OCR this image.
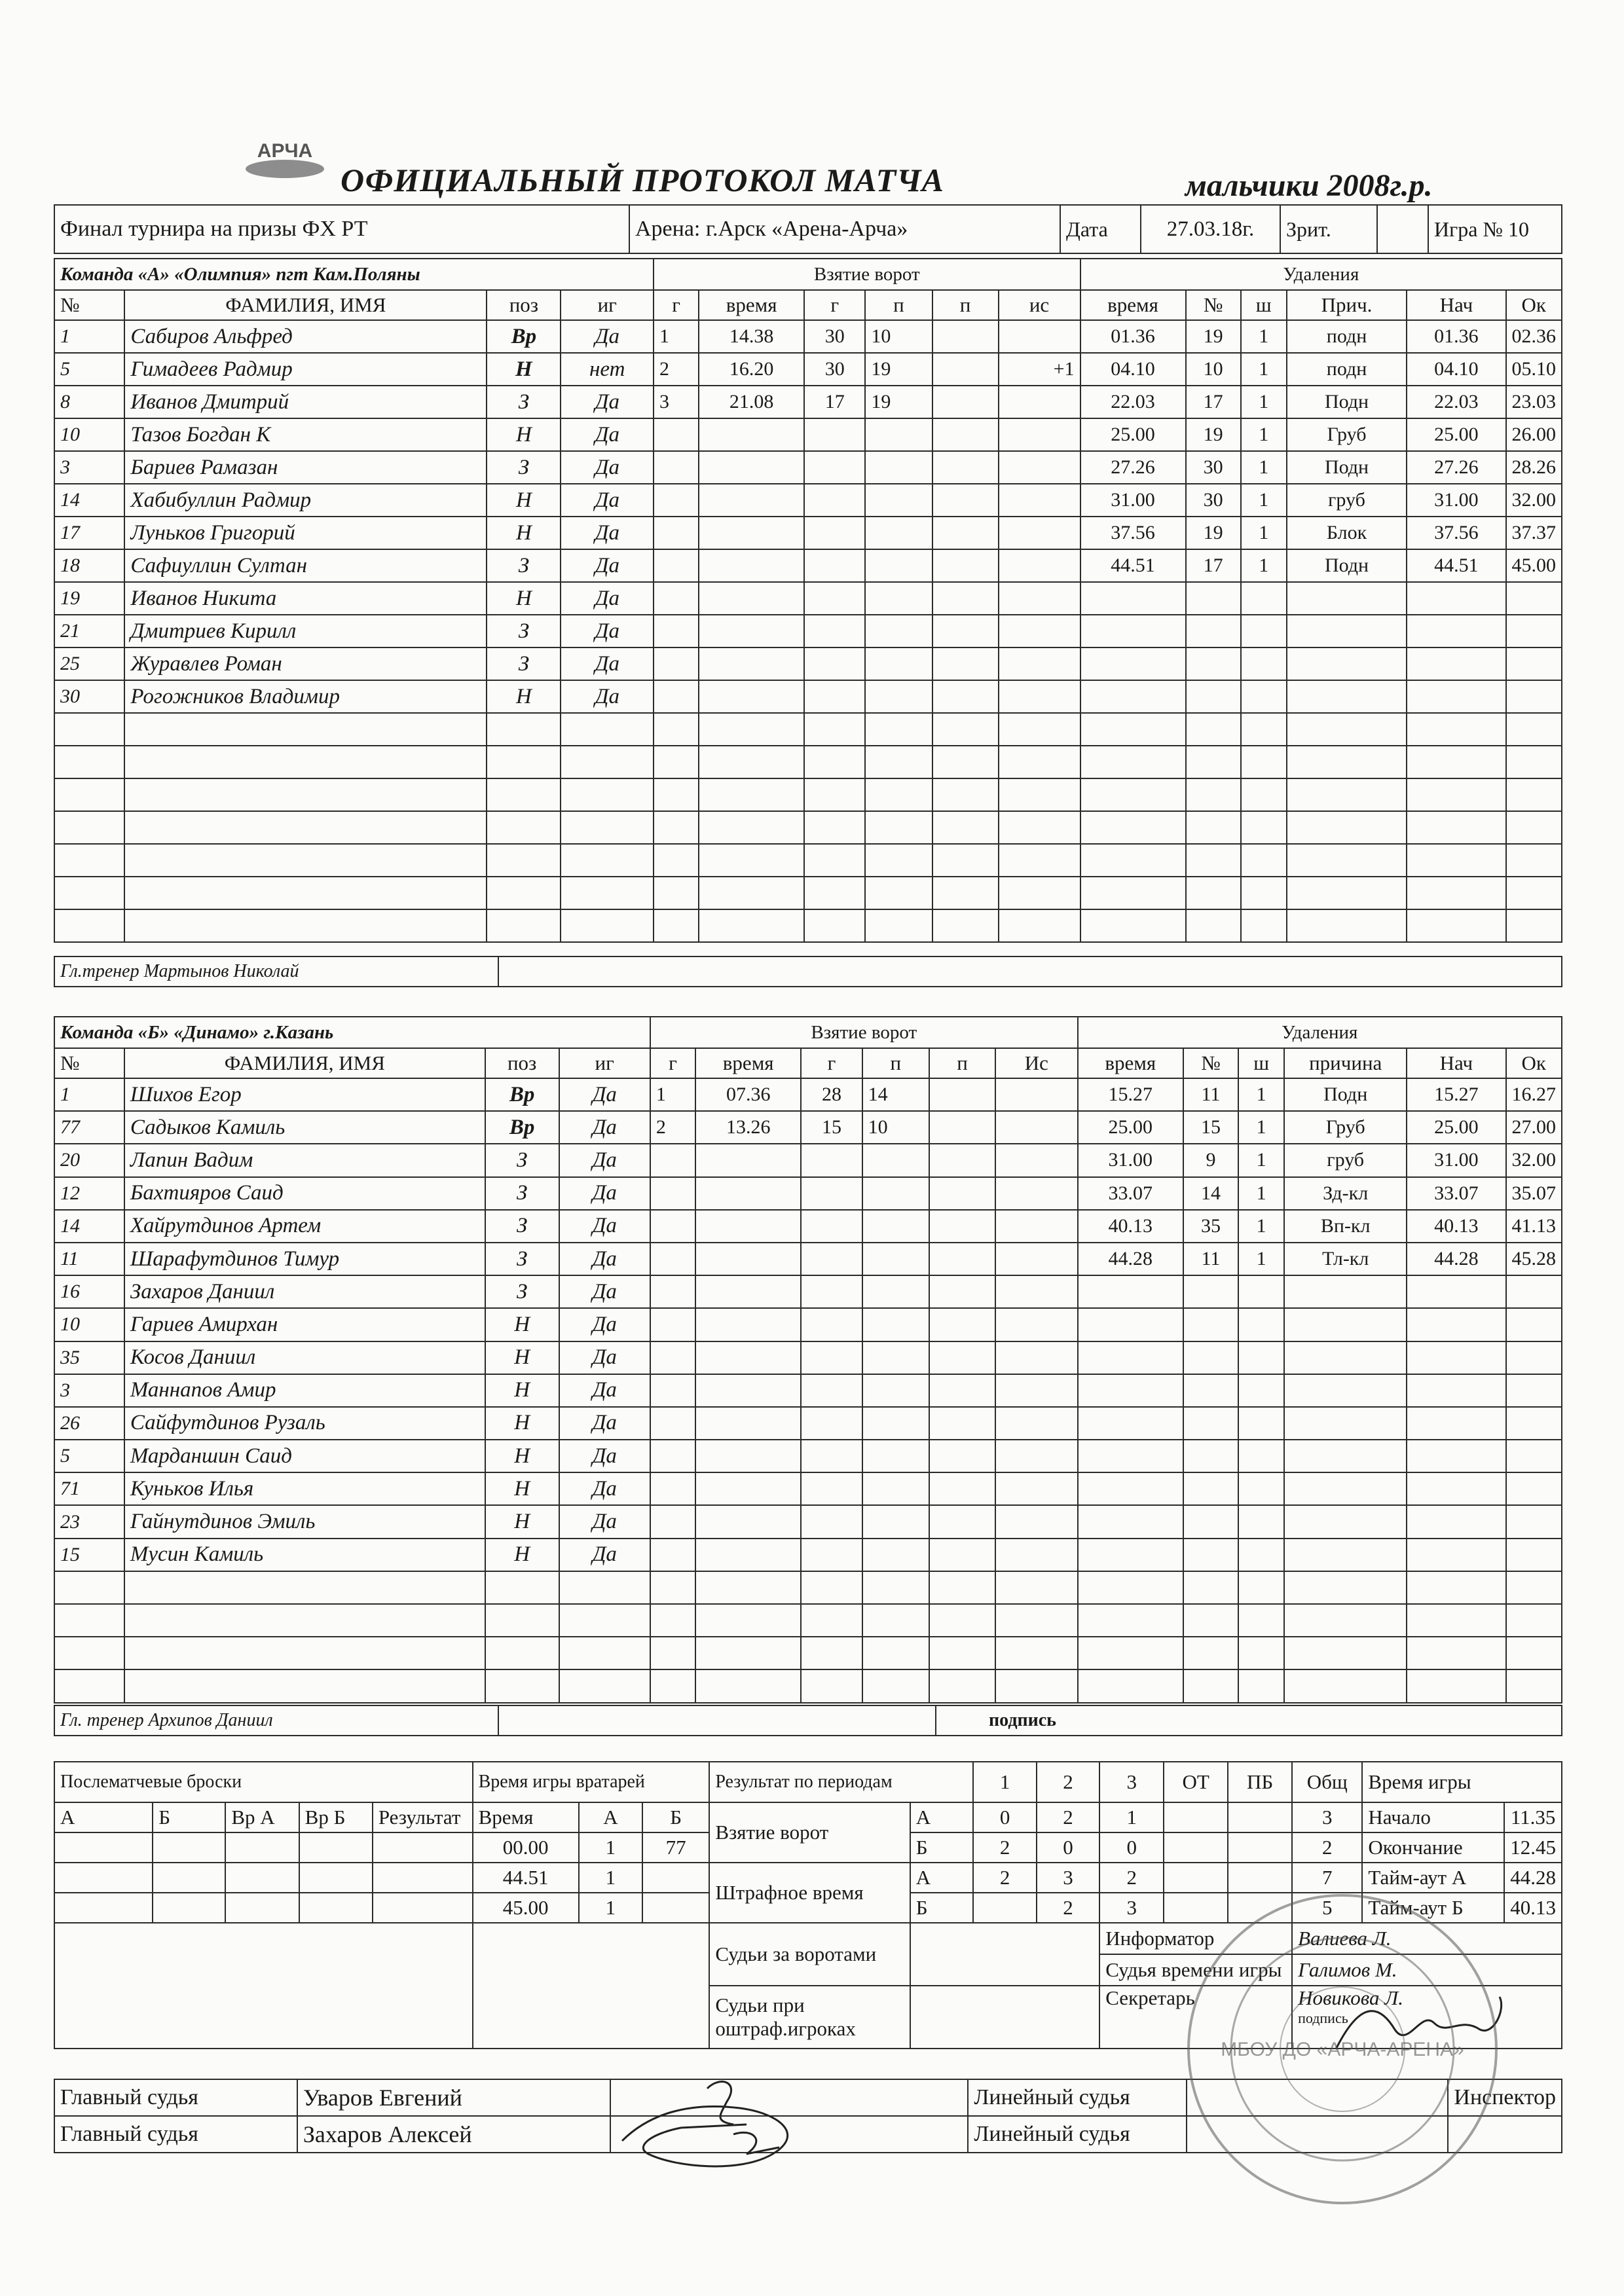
АРЧА
ОФИЦИАЛЬНЫЙ ПРОТОКОЛ МАТЧА	мальчики 2008г.р.
Финал турнира на призы ФХ РТ	Арена: г.Арск «Арена-Арча»	Дата	27.03.18г.	Зрит.		Игра № 10
Команда «А» «Олимпия» пгт Кам.Поляны				Взятие ворот						Удаления					
№	ФАМИЛИЯ, ИМЯ	поз	иг	г	время	г	п	п	ис	время	№	ш	Прич.	Нач	Ок
1	Сабиров Альфред	Вр	Да	1	14.38	30	10			01.36	19	1	подн	01.36	02.36
5	Гимадеев Радмир	Н	нет	2	16.20	30	19		+1	04.10	10	1	подн	04.10	05.10
8	Иванов Дмитрий	З	Да	3	21.08	17	19			22.03	17	1	Подн	22.03	23.03
10	Тазов Богдан К	Н	Да							25.00	19	1	Груб	25.00	26.00
3	Бариев Рамазан	З	Да							27.26	30	1	Подн	27.26	28.26
14	Хабибуллин Радмир	Н	Да							31.00	30	1	груб	31.00	32.00
17	Луньков Григорий	Н	Да							37.56	19	1	Блок	37.56	37.37
18	Сафиуллин Султан	З	Да							44.51	17	1	Подн	44.51	45.00
19	Иванов Никита	Н	Да												
21	Дмитриев Кирилл	З	Да												
25	Журавлев Роман	З	Да												
30	Рогожников Владимир	Н	Да												

Гл.тренер Мартынов Николай	
Команда «Б» «Динамо» г.Казань				Взятие ворот						Удаления					
№	ФАМИЛИЯ, ИМЯ	поз	иг	г	время	г	п	п	Ис	время	№	ш	причина	Нач	Ок
1	Шихов Егор	Вр	Да	1	07.36	28	14			15.27	11	1	Подн	15.27	16.27
77	Садыков Камиль	Вр	Да	2	13.26	15	10			25.00	15	1	Груб	25.00	27.00
20	Лапин Вадим	З	Да							31.00	9	1	груб	31.00	32.00
12	Бахтияров Саид	З	Да							33.07	14	1	Зд-кл	33.07	35.07
14	Хайрутдинов Артем	З	Да							40.13	35	1	Вп-кл	40.13	41.13
11	Шарафутдинов Тимур	З	Да							44.28	11	1	Тл-кл	44.28	45.28
16	Захаров Даниил	З	Да												
10	Гариев Амирхан	Н	Да												
35	Косов Даниил	Н	Да												
3	Маннапов Амир	Н	Да												
26	Сайфутдинов Рузаль	Н	Да												
5	Марданшин Саид	Н	Да												
71	Куньков Илья	Н	Да												
23	Гайнутдинов Эмиль	Н	Да												
15	Мусин Камиль	Н	Да												

Гл. тренер Архипов Даниил		подпись
Послематчевые броски					Время игры вратарей			Результат по периодам		1	2	3	ОТ	ПБ	Общ	Время игры	
А	Б	Вр А	Вр Б	Результат	Время	А	Б	Взятие ворот	А	0	2	1			3	Начало	11.35
					00.00	1	77		Б	2	0	0			2	Окончание	12.45
					44.51	1		Штрафное время	А	2	3	2			7	Тайм-аут А	44.28
					45.00	1			Б		2	3			5	Тайм-аут Б	40.13
								Судьи за воротами				Информатор			Валиева Л.		
												Судья времени игры			Галимов М.		
								Судьи при оштраф.игроках				Секретарь			Новикова Л.
подпись		
Главный судья	Уваров Евгений		Линейный судья		Инспектор
Главный судья	Захаров Алексей		Линейный судья		
МБОУ ДО «АРЧА-АРЕНА»
